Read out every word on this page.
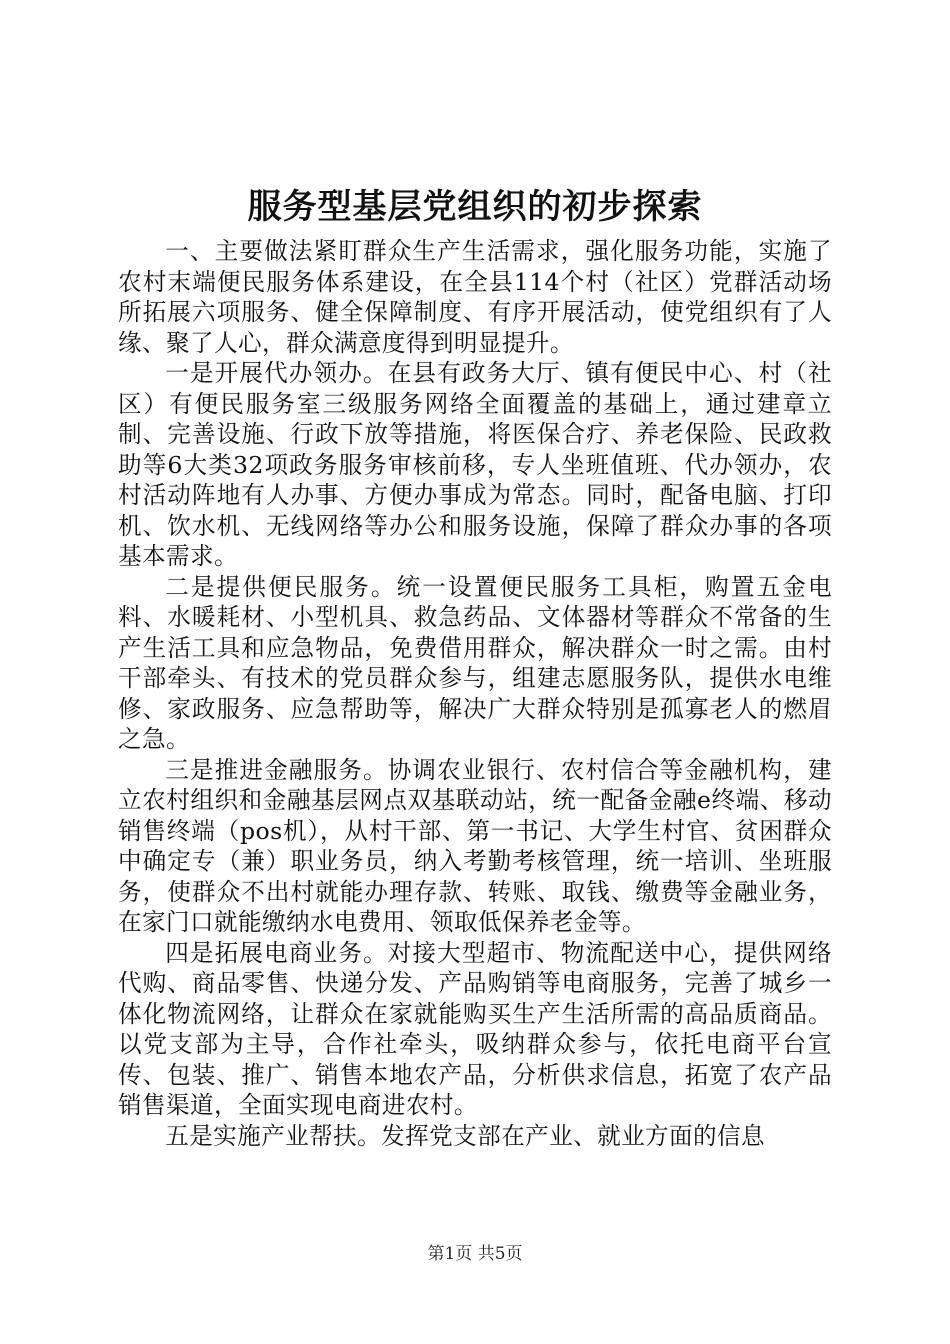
服务型基层党组织的初步探索

一、主要做法紧盯群众生产生活需求，强化服务功能，实施了农村末端便民服务体系建设，在全县114个村（社区）党群活动场所拓展六项服务、健全保障制度、有序开展活动，使党组织有了人缘、聚了人心，群众满意度得到明显提升。

一是开展代办领办。在县有政务大厅、镇有便民中心、村（社区）有便民服务室三级服务网络全面覆盖的基础上，通过建章立制、完善设施、行政下放等措施，将医保合疗、养老保险、民政救助等6大类32项政务服务审核前移，专人坐班值班、代办领办，农村活动阵地有人办事、方便办事成为常态。同时，配备电脑、打印机、饮水机、无线网络等办公和服务设施，保障了群众办事的各项基本需求。

二是提供便民服务。统一设置便民服务工具柜，购置五金电料、水暖耗材、小型机具、救急药品、文体器材等群众不常备的生产生活工具和应急物品，免费借用群众，解决群众一时之需。由村干部牵头、有技术的党员群众参与，组建志愿服务队，提供水电维修、家政服务、应急帮助等，解决广大群众特别是孤寡老人的燃眉之急。

三是推进金融服务。协调农业银行、农村信合等金融机构，建立农村组织和金融基层网点双基联动站，统一配备金融e终端、移动销售终端（pos机），从村干部、第一书记、大学生村官、贫困群众中确定专（兼）职业务员，纳入考勤考核管理，统一培训、坐班服务，使群众不出村就能办理存款、转账、取钱、缴费等金融业务，在家门口就能缴纳水电费用、领取低保养老金等。

四是拓展电商业务。对接大型超市、物流配送中心，提供网络代购、商品零售、快递分发、产品购销等电商服务，完善了城乡一体化物流网络，让群众在家就能购买生产生活所需的高品质商品。以党支部为主导，合作社牵头，吸纳群众参与，依托电商平台宣传、包装、推广、销售本地农产品，分析供求信息，拓宽了农产品销售渠道，全面实现电商进农村。

五是实施产业帮扶。发挥党支部在产业、就业方面的信息

第1页 共5页
